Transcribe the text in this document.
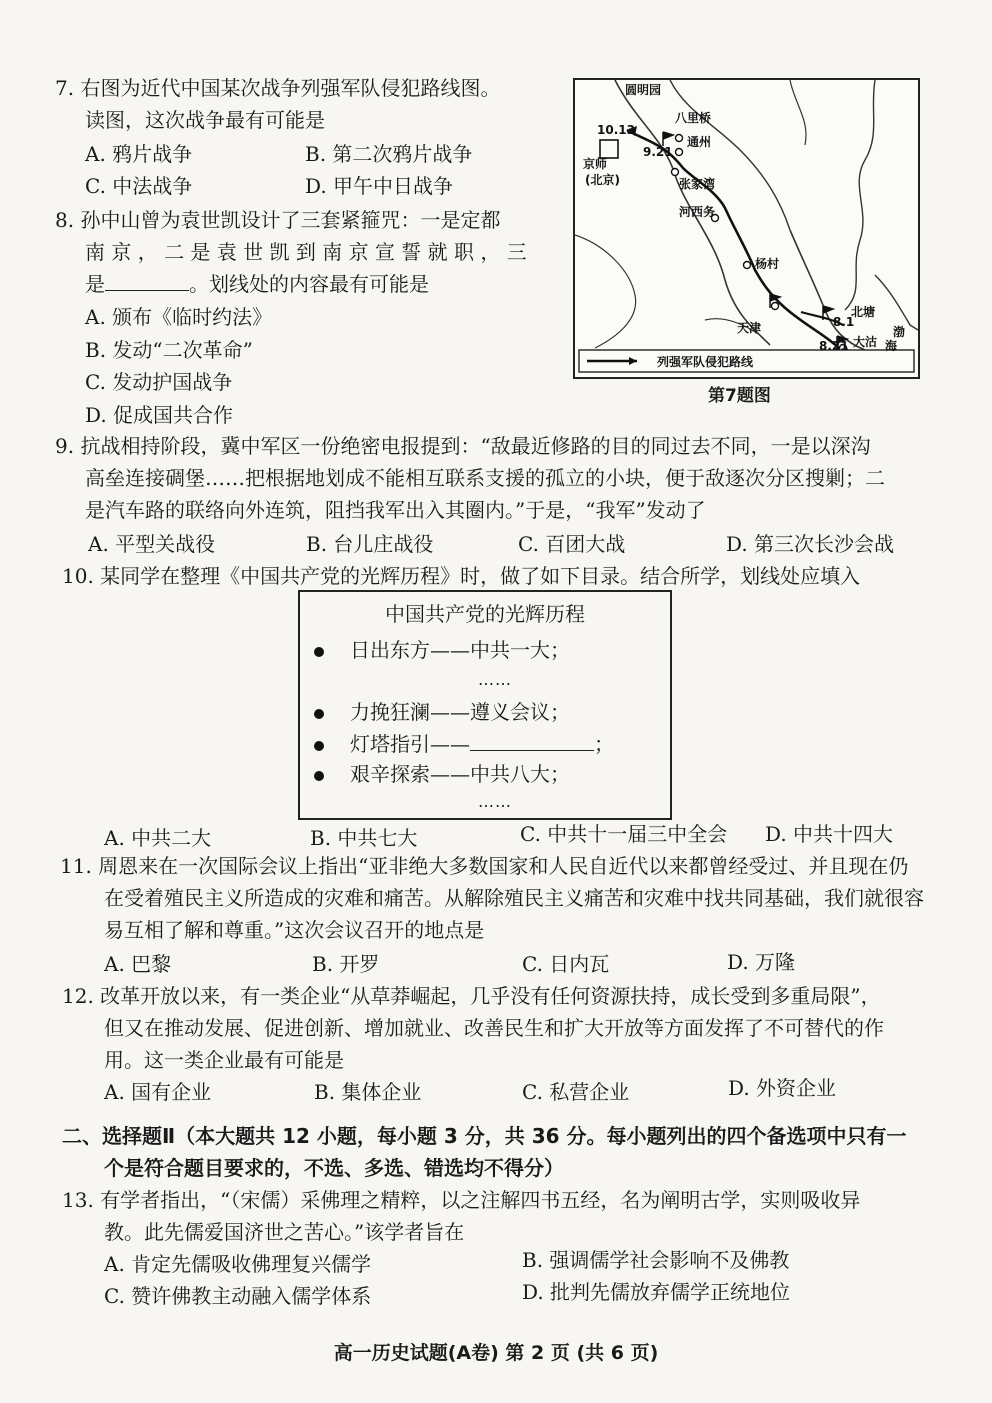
7. 右图为近代中国某次战争列强军队侵犯路线图。
读图，这次战争最有可能是
A. 鸦片战争	B. 第二次鸦片战争
C. 中法战争	D. 甲午中日战争
列强军队侵犯路线
圆明园
10.13
京师
(北京)
9.21
八里桥
通州
张家湾
河西务
杨村
天津
北塘
8.1
渤
海
8.21 大沽
第7题图
8. 孙中山曾为袁世凯设计了三套紧箍咒：一是定都
南 京 ， 二 是 袁 世 凯 到 南 京 宣 誓 就 职 ， 三
是	。划线处的内容最有可能是
A. 颁布《临时约法》
B. 发动“二次革命”
C. 发动护国战争
D. 促成国共合作
9. 抗战相持阶段，冀中军区一份绝密电报提到：“敌最近修路的目的同过去不同，一是以深沟
高垒连接碉堡……把根据地划成不能相互联系支援的孤立的小块，便于敌逐次分区搜剿；二
是汽车路的联络向外连筑，阻挡我军出入其圈内。”于是，“我军”发动了
A. 平型关战役	B. 台儿庄战役	C. 百团大战	D. 第三次长沙会战
10. 某同学在整理《中国共产党的光辉历程》时，做了如下目录。结合所学，划线处应填入
中国共产党的光辉历程
日出东方——中共一大；
……
力挽狂澜——遵义会议；
灯塔指引——	；
艰辛探索——中共八大；
……
A. 中共二大	B. 中共七大	C. 中共十一届三中全会 D. 中共十四大
11. 周恩来在一次国际会议上指出“亚非绝大多数国家和人民自近代以来都曾经受过、并且现在仍
在受着殖民主义所造成的灾难和痛苦。从解除殖民主义痛苦和灾难中找共同基础，我们就很容
易互相了解和尊重。”这次会议召开的地点是
A. 巴黎	B. 开罗	C. 日内瓦	D. 万隆
12. 改革开放以来，有一类企业“从草莽崛起，几乎没有任何资源扶持，成长受到多重局限”，
但又在推动发展、促进创新、增加就业、改善民生和扩大开放等方面发挥了不可替代的作
用。这一类企业最有可能是
A. 国有企业	B. 集体企业	C. 私营企业	D. 外资企业
二、选择题Ⅱ（本大题共 12 小题，每小题 3 分，共 36 分。每小题列出的四个备选项中只有一
个是符合题目要求的，不选、多选、错选均不得分）
13. 有学者指出，“（宋儒）采佛理之精粹，以之注解四书五经，名为阐明古学，实则吸收异
教。此先儒爱国济世之苦心。”该学者旨在
A. 肯定先儒吸收佛理复兴儒学	B. 强调儒学社会影响不及佛教
C. 赞许佛教主动融入儒学体系	D. 批判先儒放弃儒学正统地位
高一历史试题(A卷) 第 2 页 (共 6 页)
